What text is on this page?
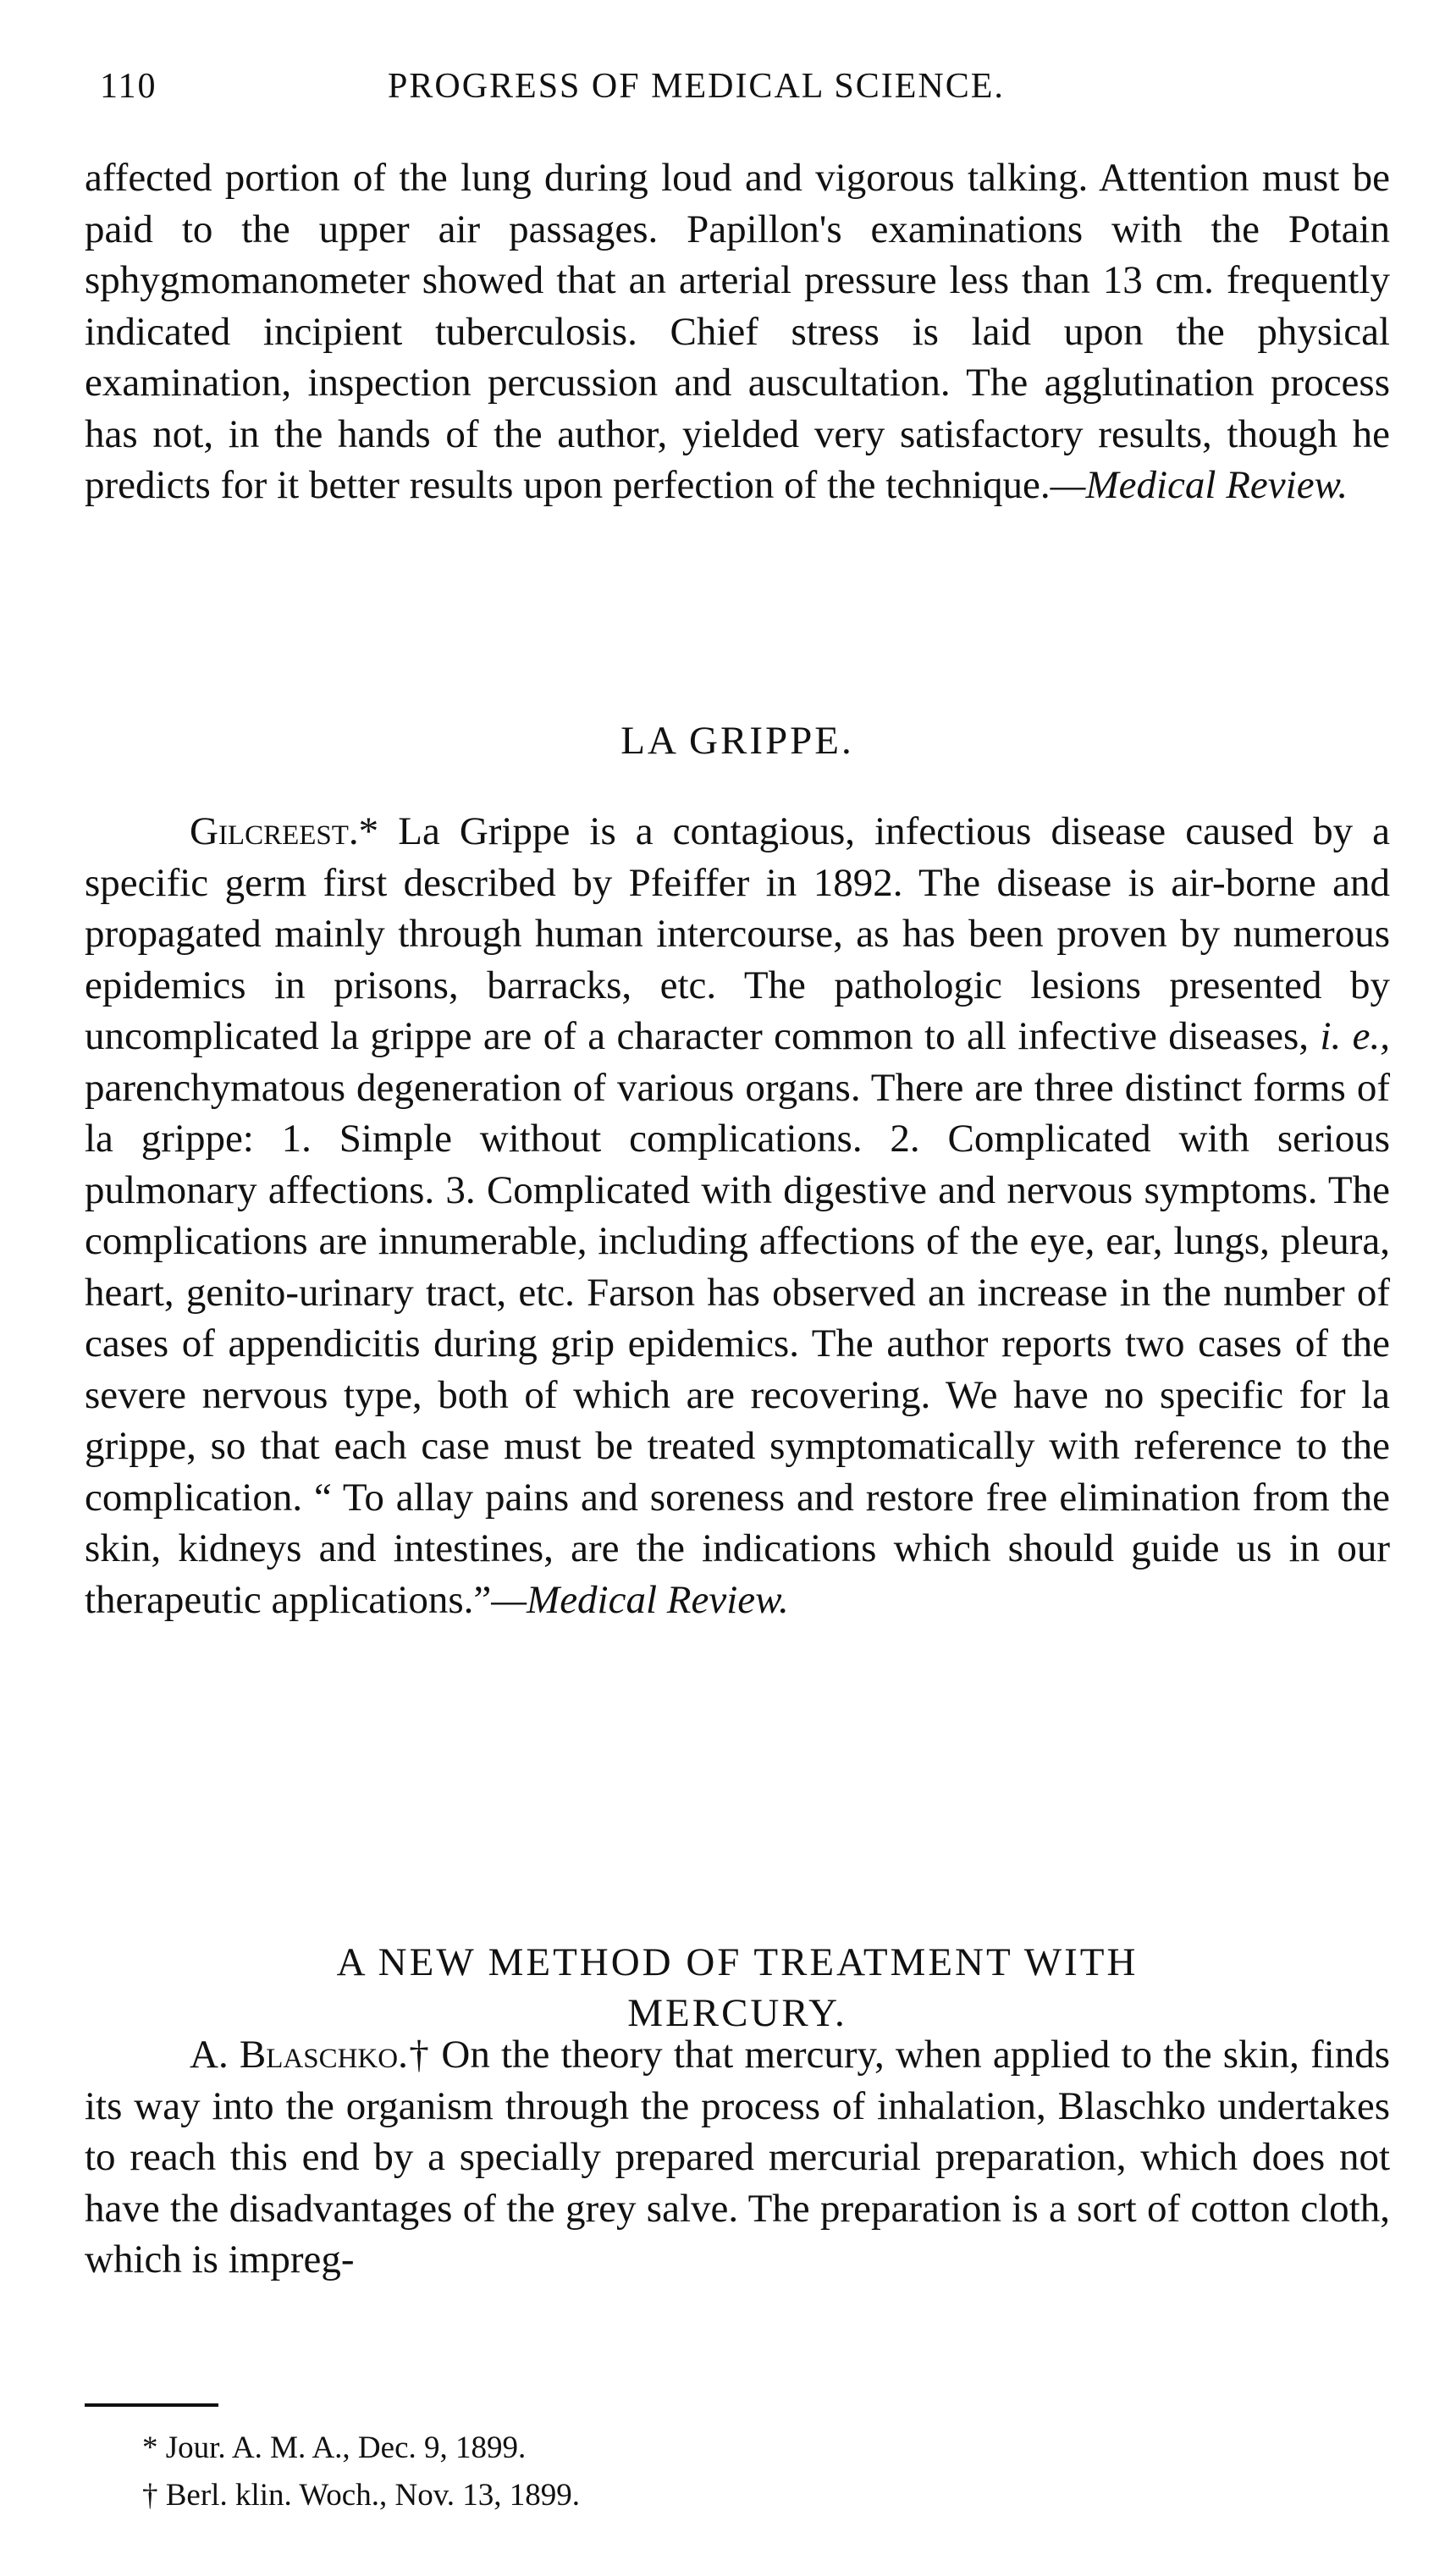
110	PROGRESS OF MEDICAL SCIENCE.

affected portion of the lung during loud and vigorous talking. Attention must be paid to the upper air passages. Papillon's examinations with the Potain sphygmomanometer showed that an arterial pressure less than 13 cm. frequently indicated incipient tuberculosis. Chief stress is laid upon the physical examination, inspection percussion and auscultation. The agglutination process has not, in the hands of the author, yielded very satisfactory results, though he predicts for it better results upon perfection of the technique.—Medical Review.

LA GRIPPE.

Gilcreest.* La Grippe is a contagious, infectious disease caused by a specific germ first described by Pfeiffer in 1892. The disease is air-borne and propagated mainly through human intercourse, as has been proven by numerous epidemics in prisons, barracks, etc. The pathologic lesions presented by uncomplicated la grippe are of a character common to all infective diseases, i. e., parenchymatous degeneration of various organs. There are three distinct forms of la grippe: 1. Simple without complications. 2. Complicated with serious pulmonary affections. 3. Complicated with digestive and nervous symptoms. The complications are innumerable, including affections of the eye, ear, lungs, pleura, heart, genito-urinary tract, etc. Farson has observed an increase in the number of cases of appendicitis during grip epidemics. The author reports two cases of the severe nervous type, both of which are recovering. We have no specific for la grippe, so that each case must be treated symptomatically with reference to the complication. “ To allay pains and soreness and restore free elimination from the skin, kidneys and intestines, are the indications which should guide us in our therapeutic applications.”—Medical Review.

A NEW METHOD OF TREATMENT WITH
MERCURY.

A. Blaschko.† On the theory that mercury, when applied to the skin, finds its way into the organism through the process of inhalation, Blaschko undertakes to reach this end by a specially prepared mercurial preparation, which does not have the disadvantages of the grey salve. The preparation is a sort of cotton cloth, which is impreg-

* Jour. A. M. A., Dec. 9, 1899.
† Berl. klin. Woch., Nov. 13, 1899.
